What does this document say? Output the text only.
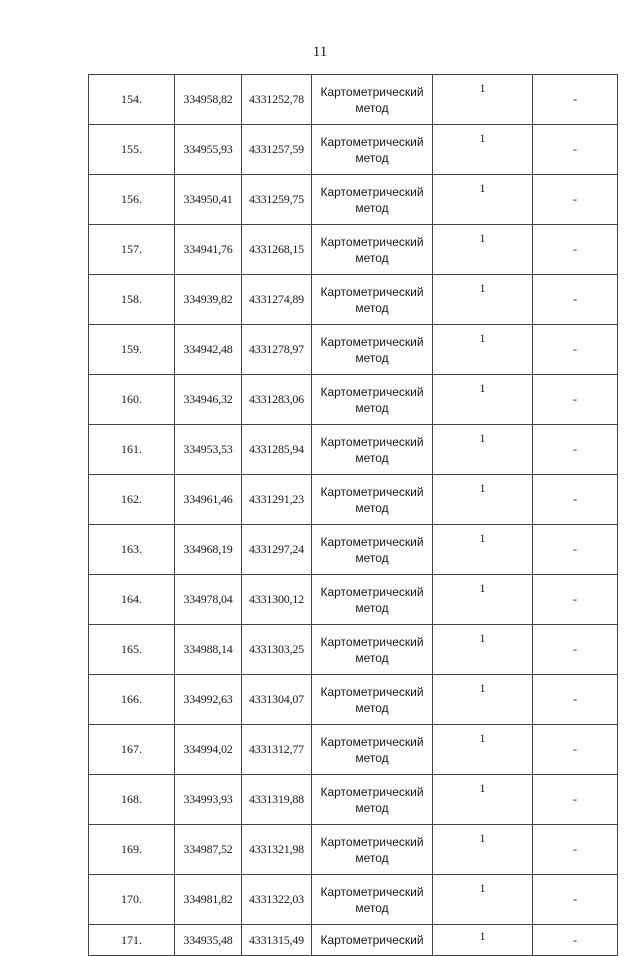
11
154.	334958,82	4331252,78	Картометрический метод	1	-
155.	334955,93	4331257,59	Картометрический метод	1	-
156.	334950,41	4331259,75	Картометрический метод	1	-
157.	334941,76	4331268,15	Картометрический метод	1	-
158.	334939,82	4331274,89	Картометрический метод	1	-
159.	334942,48	4331278,97	Картометрический метод	1	-
160.	334946,32	4331283,06	Картометрический метод	1	-
161.	334953,53	4331285,94	Картометрический метод	1	-
162.	334961,46	4331291,23	Картометрический метод	1	-
163.	334968,19	4331297,24	Картометрический метод	1	-
164.	334978,04	4331300,12	Картометрический метод	1	-
165.	334988,14	4331303,25	Картометрический метод	1	-
166.	334992,63	4331304,07	Картометрический метод	1	-
167.	334994,02	4331312,77	Картометрический метод	1	-
168.	334993,93	4331319,88	Картометрический метод	1	-
169.	334987,52	4331321,98	Картометрический метод	1	-
170.	334981,82	4331322,03	Картометрический метод	1	-
171.	334935,48	4331315,49	Картометрический	1	-
